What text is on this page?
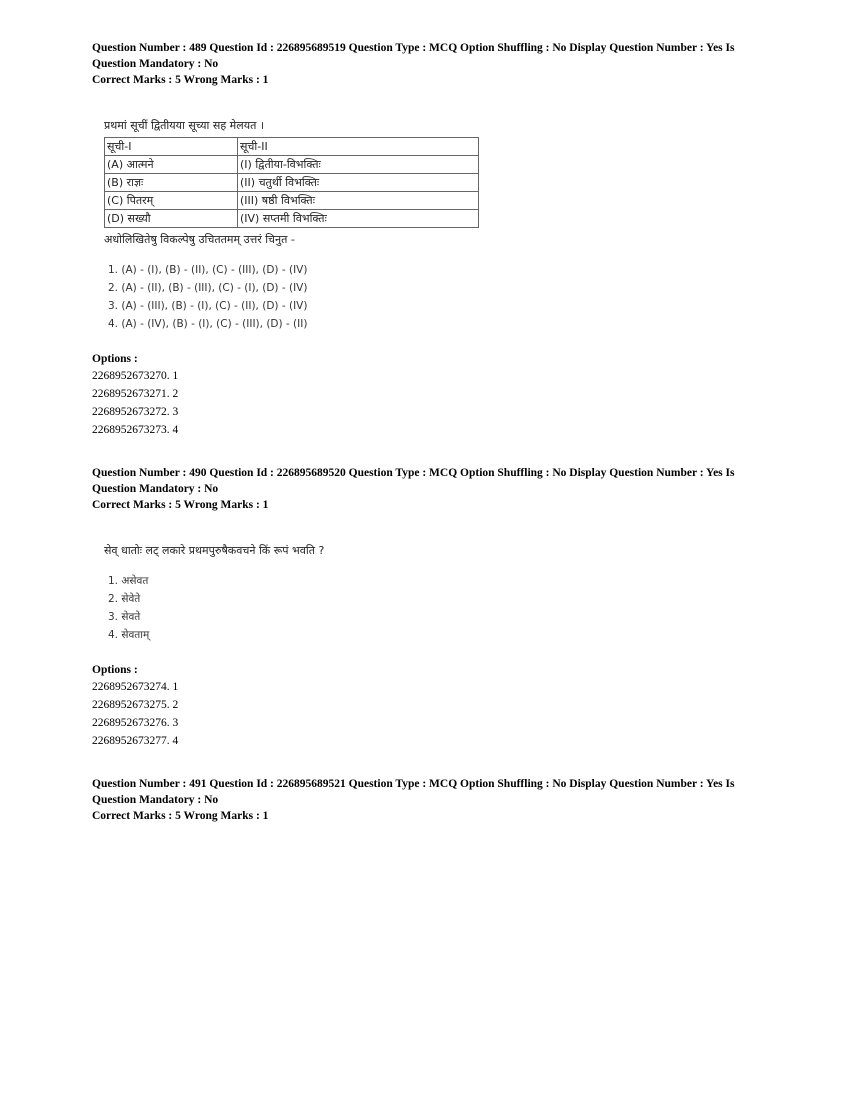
Question Number : 489 Question Id : 226895689519 Question Type : MCQ Option Shuffling : No Display Question Number : Yes Is
Question Mandatory : No
Correct Marks : 5 Wrong Marks : 1
प्रथमां सूचीं द्वितीयया सूच्या सह मेलयत ।
सूची-I	सूची-II
(A) आत्मने	(I) द्वितीया-विभक्तिः
(B) राज्ञः	(II) चतुर्थी विभक्तिः
(C) पितरम्	(III) षष्ठी विभक्तिः
(D) सख्यौ	(IV) सप्तमी विभक्तिः
अधोलिखितेषु विकल्पेषु उचिततमम् उत्तरं चिनुत -
1. (A) - (I), (B) - (II), (C) - (III), (D) - (IV)
2. (A) - (II), (B) - (III), (C) - (I), (D) - (IV)
3. (A) - (III), (B) - (I), (C) - (II), (D) - (IV)
4. (A) - (IV), (B) - (I), (C) - (III), (D) - (II)
Options :
2268952673270. 1
2268952673271. 2
2268952673272. 3
2268952673273. 4
Question Number : 490 Question Id : 226895689520 Question Type : MCQ Option Shuffling : No Display Question Number : Yes Is
Question Mandatory : No
Correct Marks : 5 Wrong Marks : 1
सेव् धातोः लट् लकारे प्रथमपुरुषैकवचने किं रूपं भवति ?
1. असेवत
2. सेवेते
3. सेवते
4. सेवताम्
Options :
2268952673274. 1
2268952673275. 2
2268952673276. 3
2268952673277. 4
Question Number : 491 Question Id : 226895689521 Question Type : MCQ Option Shuffling : No Display Question Number : Yes Is
Question Mandatory : No
Correct Marks : 5 Wrong Marks : 1
